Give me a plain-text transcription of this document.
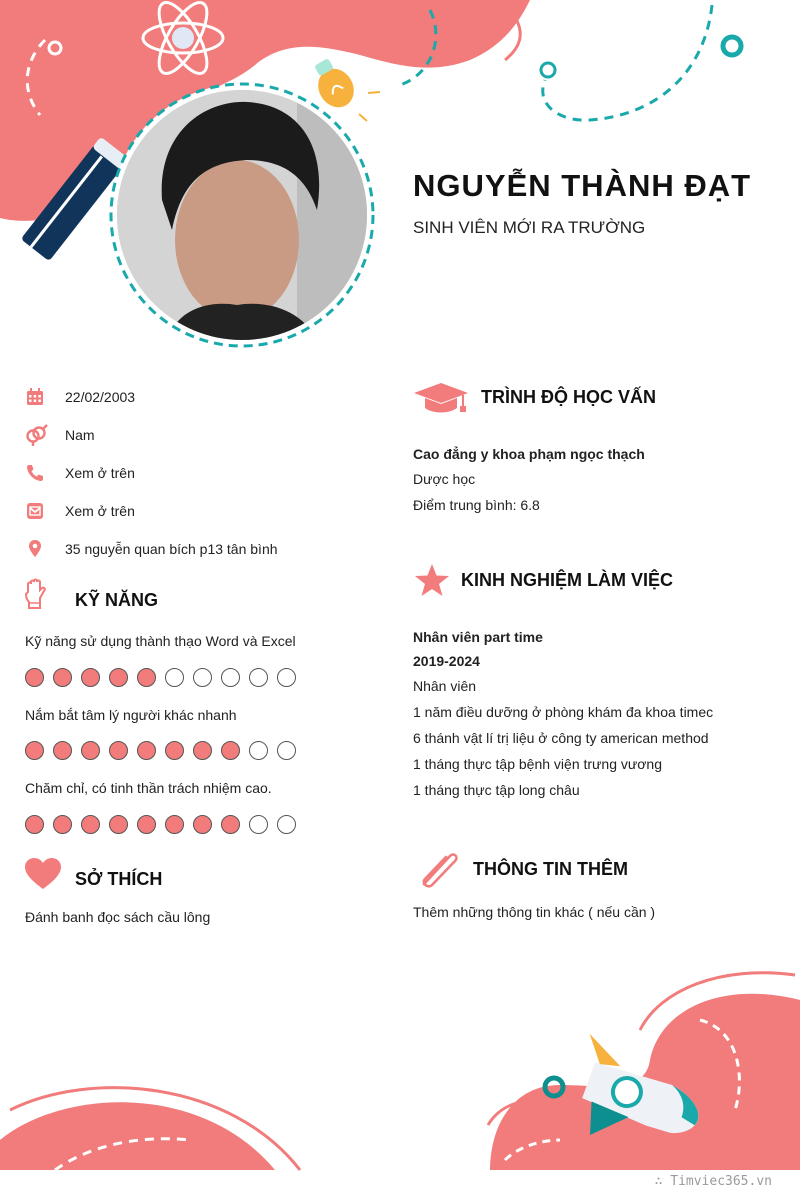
NGUYỄN THÀNH ĐẠT
SINH VIÊN MỚI RA TRƯỜNG
22/02/2003
Nam
Xem ở trên
Xem ở trên
35 nguyễn quan bích p13 tân bình
KỸ NĂNG
Kỹ năng sử dụng thành thạo Word và Excel
Nắm bắt tâm lý người khác nhanh
Chăm chỉ, có tinh thần trách nhiệm cao.
SỞ THÍCH
Đánh banh đọc sách cầu lông
TRÌNH ĐỘ HỌC VẤN
Cao đẳng y khoa phạm ngọc thạch
Dược học
Điểm trung bình: 6.8
KINH NGHIỆM LÀM VIỆC
Nhân viên part time
2019-2024
Nhân viên
1 năm điều dưỡng ở phòng khám đa khoa timec
6 thánh vật lí trị liệu ở công ty american method
1 tháng thực tập bệnh viện trưng vương
1 tháng thực tập long châu
THÔNG TIN THÊM
Thêm những thông tin khác ( nếu cần )
∴ Timviec365.vn
